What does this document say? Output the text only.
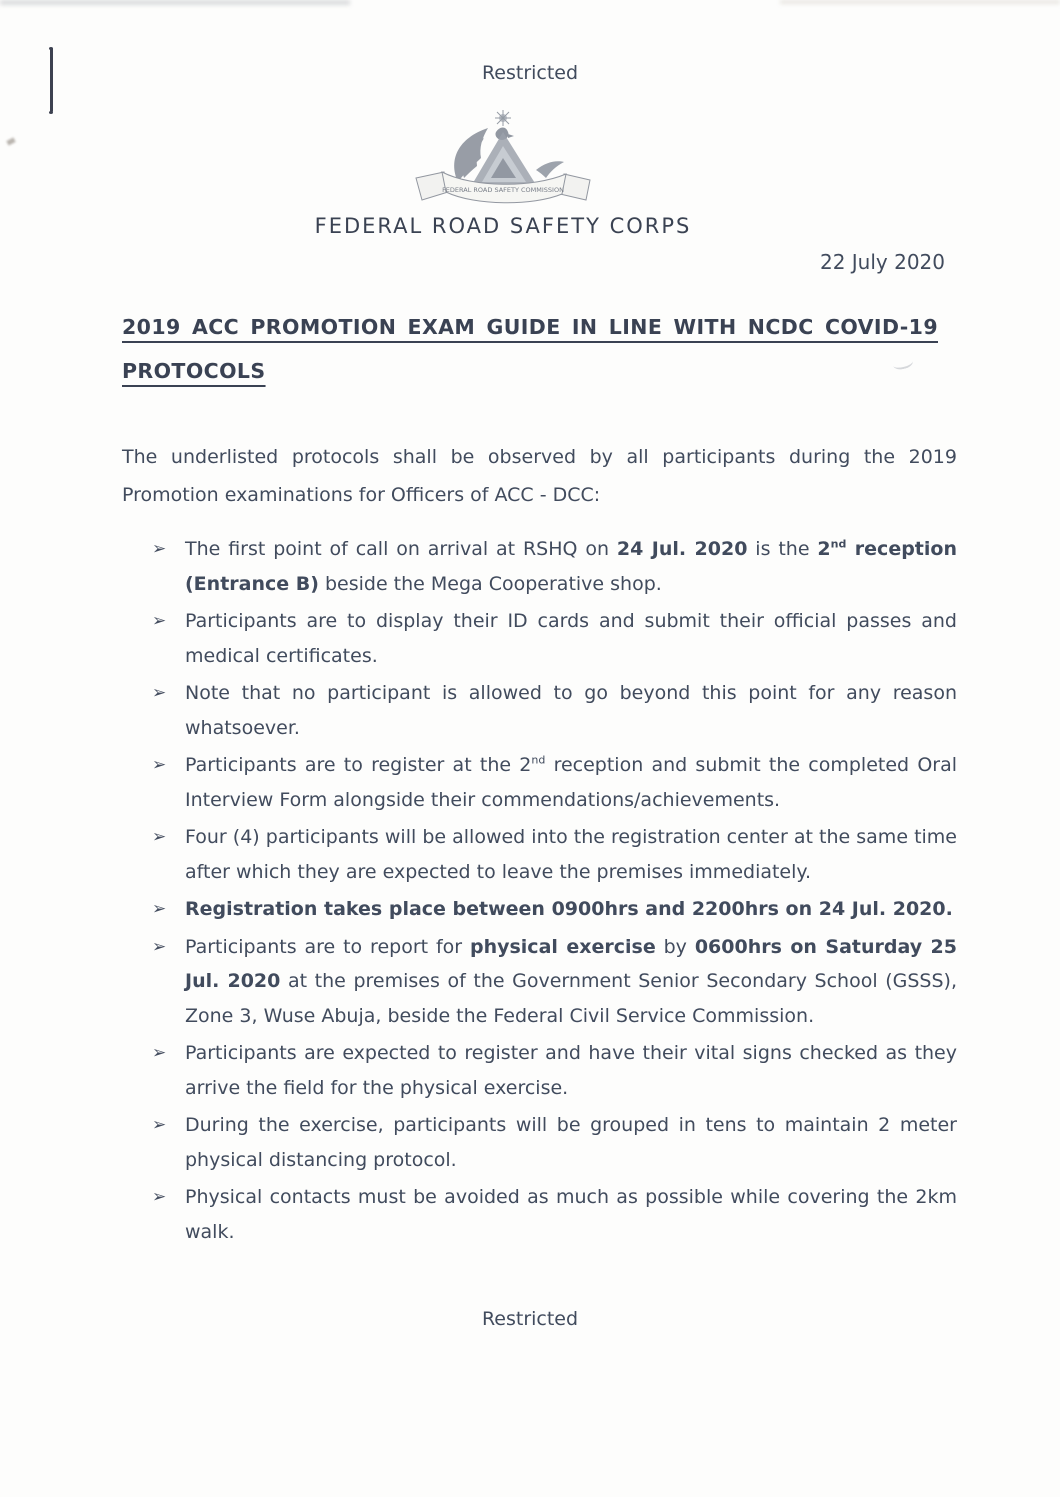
Restricted
FEDERAL ROAD SAFETY COMMISSION
FEDERAL ROAD SAFETY CORPS
22 July 2020
2019 ACC PROMOTION EXAM GUIDE IN LINE WITH NCDC COVID-19
PROTOCOLS

The underlisted protocols shall be observed by all participants during the 2019 Promotion examinations for Officers of ACC - DCC:

➢ The first point of call on arrival at RSHQ on 24 Jul. 2020 is the 2nd reception (Entrance B) beside the Mega Cooperative shop.
➢ Participants are to display their ID cards and submit their official passes and medical certificates.
➢ Note that no participant is allowed to go beyond this point for any reason whatsoever.
➢ Participants are to register at the 2nd reception and submit the completed Oral Interview Form alongside their commendations/achievements.
➢ Four (4) participants will be allowed into the registration center at the same time after which they are expected to leave the premises immediately.
➢ Registration takes place between 0900hrs and 2200hrs on 24 Jul. 2020.
➢ Participants are to report for physical exercise by 0600hrs on Saturday 25 Jul. 2020 at the premises of the Government Senior Secondary School (GSSS), Zone 3, Wuse Abuja, beside the Federal Civil Service Commission.
➢ Participants are expected to register and have their vital signs checked as they arrive the field for the physical exercise.
➢ During the exercise, participants will be grouped in tens to maintain 2 meter physical distancing protocol.
➢ Physical contacts must be avoided as much as possible while covering the 2km walk.
Restricted
